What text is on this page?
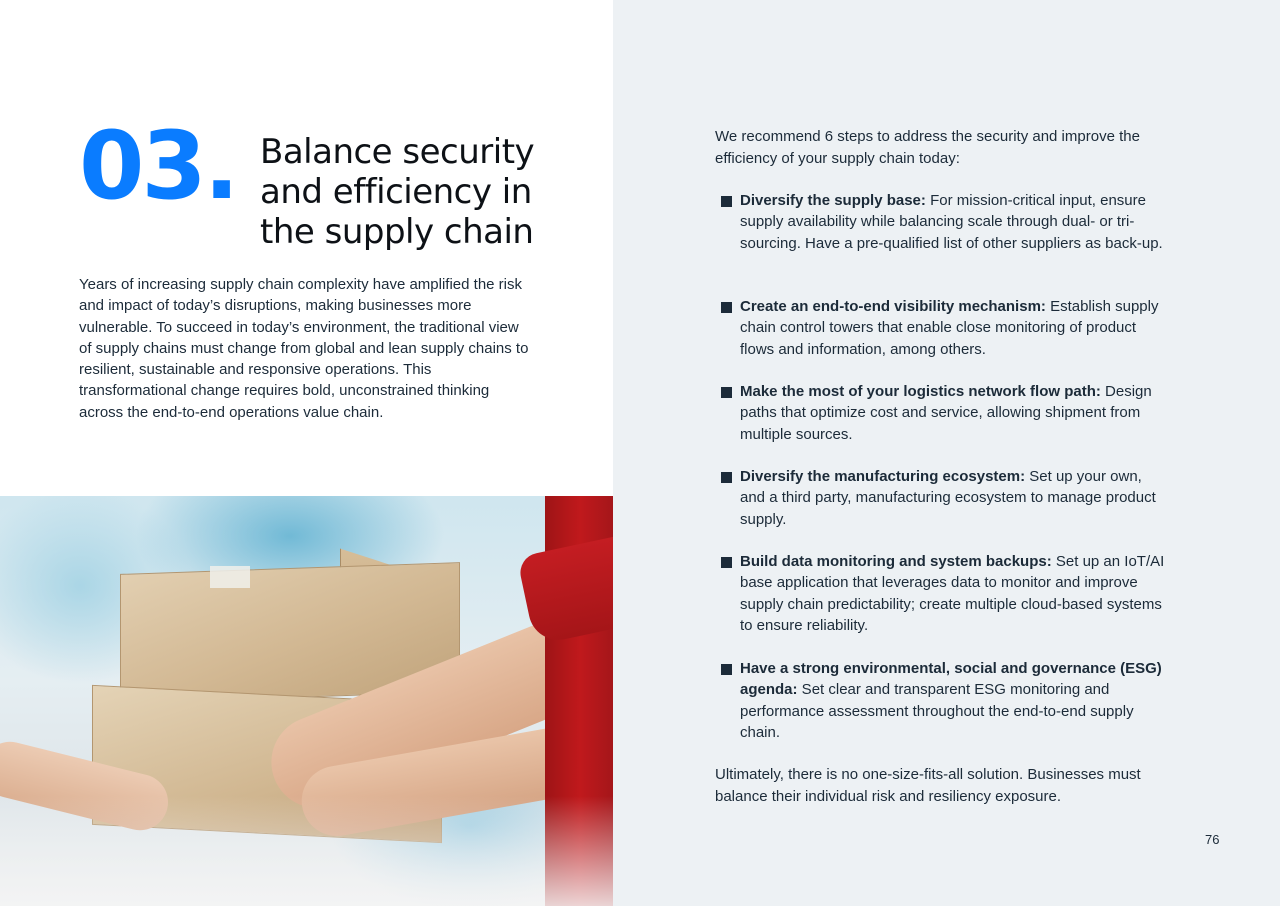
03. Balance security
and efficiency in
the supply chain
Years of increasing supply chain complexity have amplified the risk
and impact of today’s disruptions, making businesses more
vulnerable. To succeed in today’s environment, the traditional view
of supply chains must change from global and lean supply chains to
resilient, sustainable and responsive operations. This
transformational change requires bold, unconstrained thinking
across the end-to-end operations value chain.

We recommend 6 steps to address the security and improve the efficiency of your supply chain today:

Diversify the supply base: For mission-critical input, ensure supply availability while balancing scale through dual- or tri-sourcing. Have a pre-qualified list of other suppliers as back-up.
Create an end-to-end visibility mechanism: Establish supply chain control towers that enable close monitoring of product flows and information, among others.
Make the most of your logistics network flow path: Design paths that optimize cost and service, allowing shipment from multiple sources.
Diversify the manufacturing ecosystem: Set up your own, and a third party, manufacturing ecosystem to manage product supply.
Build data monitoring and system backups: Set up an IoT/AI base application that leverages data to monitor and improve supply chain predictability; create multiple cloud-based systems to ensure reliability.
Have a strong environmental, social and governance (ESG) agenda: Set clear and transparent ESG monitoring and performance assessment throughout the end-to-end supply chain.

Ultimately, there is no one-size-fits-all solution. Businesses must balance their individual risk and resiliency exposure.

76
